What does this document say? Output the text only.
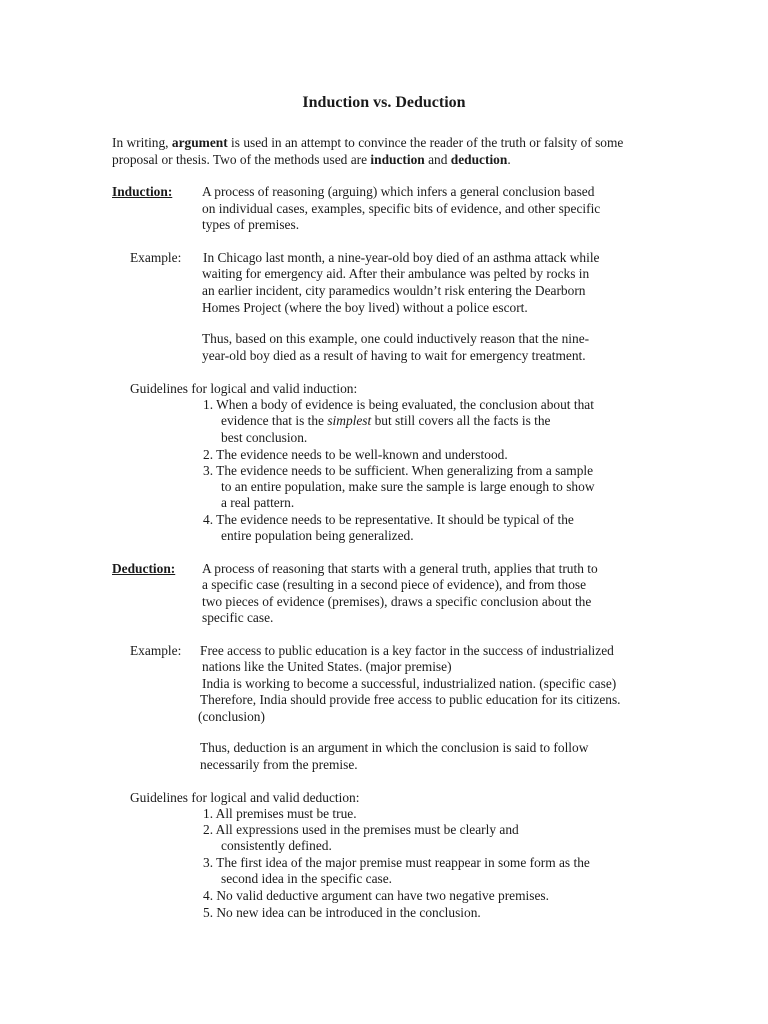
Induction vs. Deduction
In writing, argument is used in an attempt to convince the reader of the truth or falsity of some
proposal or thesis. Two of the methods used are induction and deduction.
Induction: A process of reasoning (arguing) which infers a general conclusion based
on individual cases, examples, specific bits of evidence, and other specific
types of premises.
Example: In Chicago last month, a nine-year-old boy died of an asthma attack while
waiting for emergency aid. After their ambulance was pelted by rocks in
an earlier incident, city paramedics wouldn’t risk entering the Dearborn
Homes Project (where the boy lived) without a police escort.
Thus, based on this example, one could inductively reason that the nine-
year-old boy died as a result of having to wait for emergency treatment.
Guidelines for logical and valid induction:
1. When a body of evidence is being evaluated, the conclusion about that
evidence that is the simplest but still covers all the facts is the
best conclusion.
2. The evidence needs to be well-known and understood.
3. The evidence needs to be sufficient. When generalizing from a sample
to an entire population, make sure the sample is large enough to show
a real pattern.
4. The evidence needs to be representative. It should be typical of the
entire population being generalized.
Deduction: A process of reasoning that starts with a general truth, applies that truth to
a specific case (resulting in a second piece of evidence), and from those
two pieces of evidence (premises), draws a specific conclusion about the
specific case.
Example: Free access to public education is a key factor in the success of industrialized
nations like the United States. (major premise)
India is working to become a successful, industrialized nation. (specific case)
Therefore, India should provide free access to public education for its citizens.
(conclusion)
Thus, deduction is an argument in which the conclusion is said to follow
necessarily from the premise.
Guidelines for logical and valid deduction:
1. All premises must be true.
2. All expressions used in the premises must be clearly and
consistently defined.
3. The first idea of the major premise must reappear in some form as the
second idea in the specific case.
4. No valid deductive argument can have two negative premises.
5. No new idea can be introduced in the conclusion.
